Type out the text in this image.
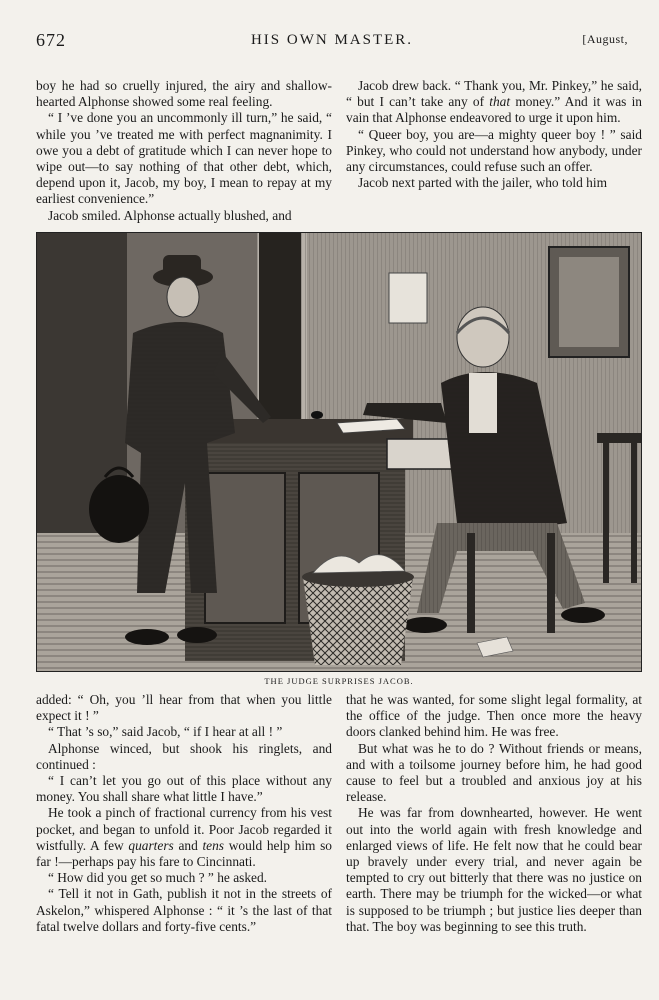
672	HIS OWN MASTER.	[August,

boy he had so cruelly injured, the airy and shallow-hearted Alphonse showed some real feeling.

“ I ’ve done you an uncommonly ill turn,” he said, “ while you ’ve treated me with perfect magnanimity. I owe you a debt of gratitude which I can never hope to wipe out—to say nothing of that other debt, which, depend upon it, Jacob, my boy, I mean to repay at my earliest convenience.”

Jacob smiled. Alphonse actually blushed, and

Jacob drew back. “ Thank you, Mr. Pinkey,” he said, “ but I can’t take any of that money.” And it was in vain that Alphonse endeavored to urge it upon him.

“ Queer boy, you are—a mighty queer boy ! ” said Pinkey, who could not understand how anybody, under any circumstances, could refuse such an offer.

Jacob next parted with the jailer, who told him

THE JUDGE SURPRISES JACOB.

added: “ Oh, you ’ll hear from that when you little expect it ! ”

“ That ’s so,” said Jacob, “ if I hear at all ! ”

Alphonse winced, but shook his ringlets, and continued :

“ I can’t let you go out of this place without any money. You shall share what little I have.”

He took a pinch of fractional currency from his vest pocket, and began to unfold it. Poor Jacob regarded it wistfully. A few quarters and tens would help him so far !—perhaps pay his fare to Cincinnati.

“ How did you get so much ? ” he asked.

“ Tell it not in Gath, publish it not in the streets of Askelon,” whispered Alphonse : “ it ’s the last of that fatal twelve dollars and forty-five cents.”

that he was wanted, for some slight legal formality, at the office of the judge. Then once more the heavy doors clanked behind him. He was free.

But what was he to do ? Without friends or means, and with a toilsome journey before him, he had good cause to feel but a troubled and anxious joy at his release.

He was far from downhearted, however. He went out into the world again with fresh knowledge and enlarged views of life. He felt now that he could bear up bravely under every trial, and never again be tempted to cry out bitterly that there was no justice on earth. There may be triumph for the wicked—or what is supposed to be triumph ; but justice lies deeper than that. The boy was beginning to see this truth.
